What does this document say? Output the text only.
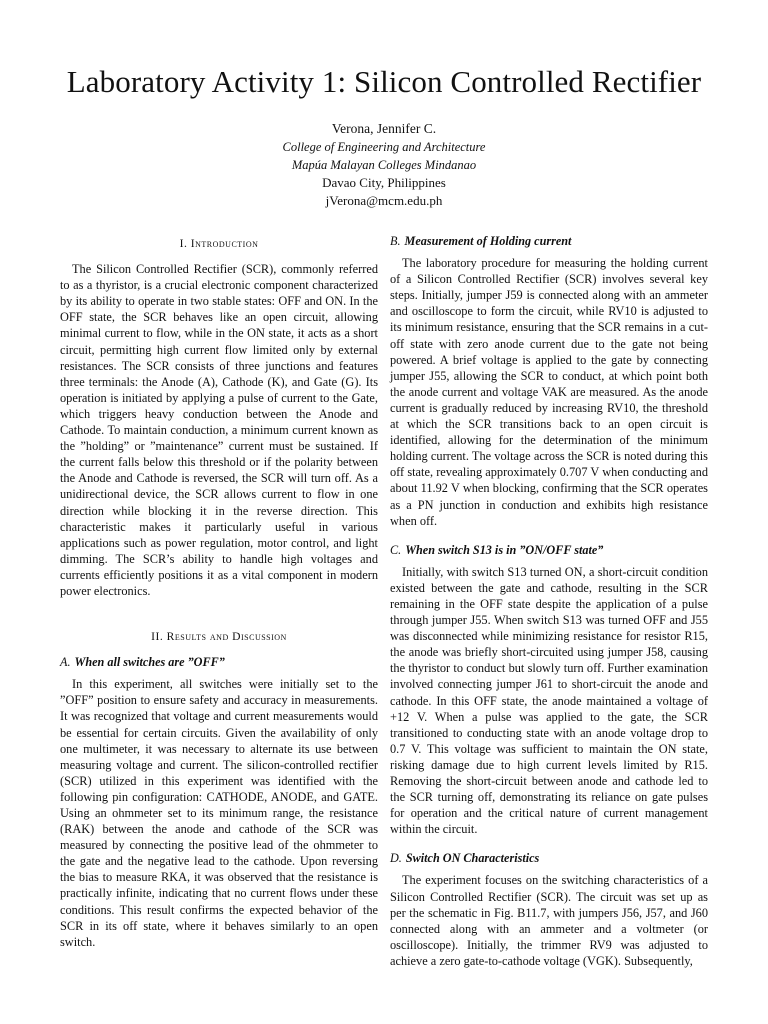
Laboratory Activity 1: Silicon Controlled Rectifier
Verona, Jennifer C.
College of Engineering and Architecture
Mapúa Malayan Colleges Mindanao
Davao City, Philippines
jVerona@mcm.edu.ph
I. Introduction

The Silicon Controlled Rectifier (SCR), commonly referred to as a thyristor, is a crucial electronic component characterized by its ability to operate in two stable states: OFF and ON. In the OFF state, the SCR behaves like an open circuit, allowing minimal current to flow, while in the ON state, it acts as a short circuit, permitting high current flow limited only by external resistances. The SCR consists of three junctions and features three terminals: the Anode (A), Cathode (K), and Gate (G). Its operation is initiated by applying a pulse of current to the Gate, which triggers heavy conduction between the Anode and Cathode. To maintain conduction, a minimum current known as the ”holding” or ”maintenance” current must be sustained. If the current falls below this threshold or if the polarity between the Anode and Cathode is reversed, the SCR will turn off. As a unidirectional device, the SCR allows current to flow in one direction while blocking it in the reverse direction. This characteristic makes it particularly useful in various applications such as power regulation, motor control, and light dimming. The SCR’s ability to handle high voltages and currents efficiently positions it as a vital component in modern power electronics.

II. Results and Discussion
A. When all switches are ”OFF”

In this experiment, all switches were initially set to the ”OFF” position to ensure safety and accuracy in measurements. It was recognized that voltage and current measurements would be essential for certain circuits. Given the availability of only one multimeter, it was necessary to alternate its use between measuring voltage and current. The silicon-controlled rectifier (SCR) utilized in this experiment was identified with the following pin configuration: CATHODE, ANODE, and GATE. Using an ohmmeter set to its minimum range, the resistance (RAK) between the anode and cathode of the SCR was measured by connecting the positive lead of the ohmmeter to the gate and the negative lead to the cathode. Upon reversing the bias to measure RKA, it was observed that the resistance is practically infinite, indicating that no current flows under these conditions. This result confirms the expected behavior of the SCR in its off state, where it behaves similarly to an open switch.

B. Measurement of Holding current

The laboratory procedure for measuring the holding current of a Silicon Controlled Rectifier (SCR) involves several key steps. Initially, jumper J59 is connected along with an ammeter and oscilloscope to form the circuit, while RV10 is adjusted to its minimum resistance, ensuring that the SCR remains in a cut-off state with zero anode current due to the gate not being powered. A brief voltage is applied to the gate by connecting jumper J55, allowing the SCR to conduct, at which point both the anode current and voltage VAK are measured. As the anode current is gradually reduced by increasing RV10, the threshold at which the SCR transitions back to an open circuit is identified, allowing for the determination of the minimum holding current. The voltage across the SCR is noted during this off state, revealing approximately 0.707 V when conducting and about 11.92 V when blocking, confirming that the SCR operates as a PN junction in conduction and exhibits high resistance when off.

C. When switch S13 is in ”ON/OFF state”

Initially, with switch S13 turned ON, a short-circuit condition existed between the gate and cathode, resulting in the SCR remaining in the OFF state despite the application of a pulse through jumper J55. When switch S13 was turned OFF and J55 was disconnected while minimizing resistance for resistor R15, the anode was briefly short-circuited using jumper J58, causing the thyristor to conduct but slowly turn off. Further examination involved connecting jumper J61 to short-circuit the anode and cathode. In this OFF state, the anode maintained a voltage of +12 V. When a pulse was applied to the gate, the SCR transitioned to conducting state with an anode voltage drop to 0.7 V. This voltage was sufficient to maintain the ON state, risking damage due to high current levels limited by R15. Removing the short-circuit between anode and cathode led to the SCR turning off, demonstrating its reliance on gate pulses for operation and the critical nature of current management within the circuit.

D. Switch ON Characteristics

The experiment focuses on the switching characteristics of a Silicon Controlled Rectifier (SCR). The circuit was set up as per the schematic in Fig. B11.7, with jumpers J56, J57, and J60 connected along with an ammeter and a voltmeter (or oscilloscope). Initially, the trimmer RV9 was adjusted to achieve a zero gate-to-cathode voltage (VGK). Subsequently,
